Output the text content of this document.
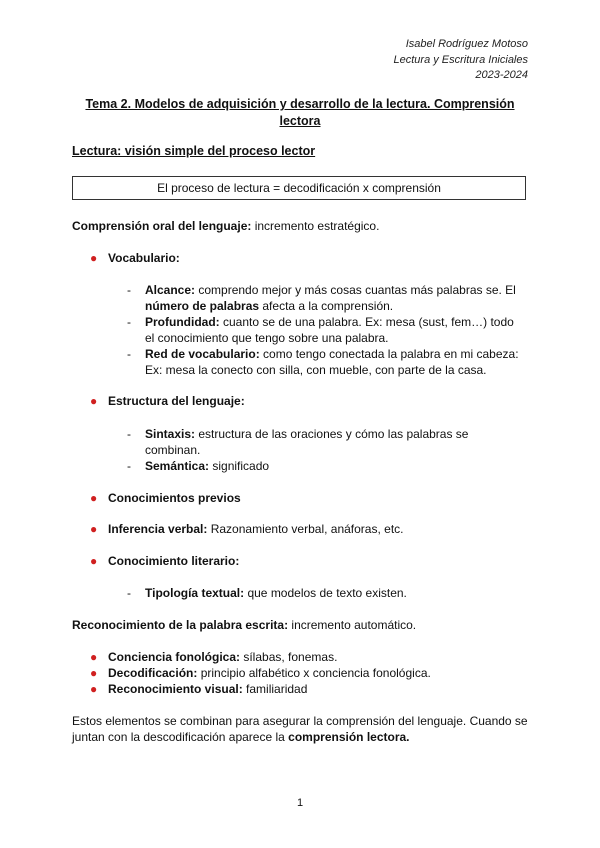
Isabel Rodríguez Motoso
Lectura y Escritura Iniciales
2023-2024
Tema 2. Modelos de adquisición y desarrollo de la lectura. Comprensión lectora
Lectura: visión simple del proceso lector
El proceso de lectura = decodificación x comprensión
Comprensión oral del lenguaje: incremento estratégico.
● Vocabulario:
- Alcance: comprendo mejor y más cosas cuantas más palabras se. El número de palabras afecta a la comprensión.
- Profundidad: cuanto se de una palabra. Ex: mesa (sust, fem…) todo el conocimiento que tengo sobre una palabra.
- Red de vocabulario: como tengo conectada la palabra en mi cabeza: Ex: mesa la conecto con silla, con mueble, con parte de la casa.
● Estructura del lenguaje:
- Sintaxis: estructura de las oraciones y cómo las palabras se combinan.
- Semántica: significado
● Conocimientos previos
● Inferencia verbal: Razonamiento verbal, anáforas, etc.
● Conocimiento literario:
- Tipología textual: que modelos de texto existen.
Reconocimiento de la palabra escrita: incremento automático.
● Conciencia fonológica: sílabas, fonemas.
● Decodificación: principio alfabético x conciencia fonológica.
● Reconocimiento visual: familiaridad
Estos elementos se combinan para asegurar la comprensión del lenguaje. Cuando se juntan con la descodificación aparece la comprensión lectora.
1
